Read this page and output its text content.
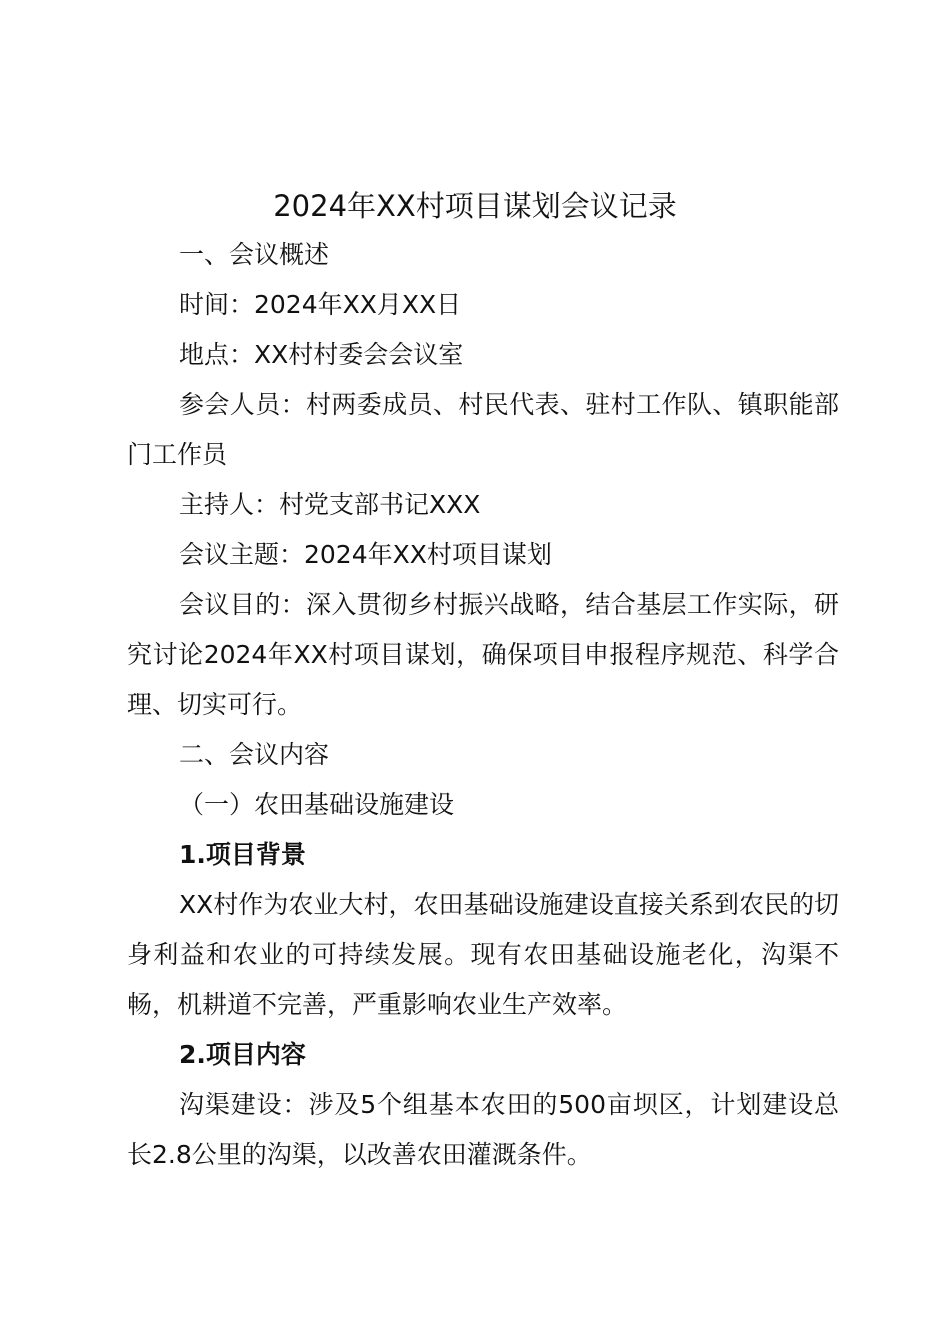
2024年XX村项目谋划会议记录

一、会议概述

时间：2024年XX月XX日

地点：XX村村委会会议室

参会人员：村两委成员、村民代表、驻村工作队、镇职能部门工作员

主持人：村党支部书记XXX

会议主题：2024年XX村项目谋划

会议目的：深入贯彻乡村振兴战略，结合基层工作实际，研究讨论2024年XX村项目谋划，确保项目申报程序规范、科学合理、切实可行。

二、会议内容

（一）农田基础设施建设

1.项目背景

XX村作为农业大村，农田基础设施建设直接关系到农民的切身利益和农业的可持续发展。现有农田基础设施老化，沟渠不畅，机耕道不完善，严重影响农业生产效率。

2.项目内容

沟渠建设：涉及5个组基本农田的500亩坝区，计划建设总长2.8公里的沟渠，以改善农田灌溉条件。
